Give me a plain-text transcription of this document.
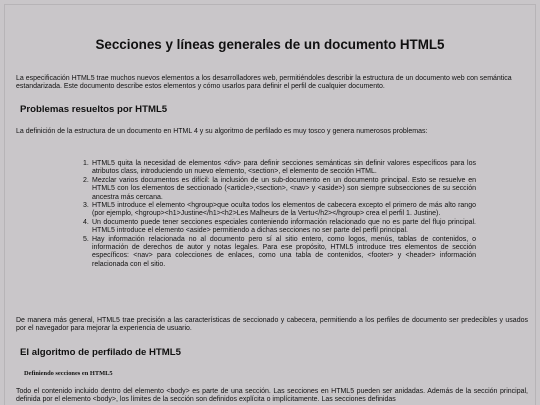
Secciones y líneas generales de un documento HTML5

La especificación HTML5 trae muchos nuevos elementos a los desarrolladores web, permitiéndoles describir la estructura de un documento web con semántica estandarizada. Este documento describe estos elementos y cómo usarlos para definir el perfil de cualquier documento.

Problemas resueltos por HTML5

La definición de la estructura de un documento en HTML 4 y su algoritmo de perfilado es muy tosco y genera numerosos problemas:

1. HTML5 quita la necesidad de elementos <div> para definir secciones semánticas sin definir valores específicos para los atributos class, introduciendo un nuevo elemento, <section>, el elemento de sección HTML.
2. Mezclar varios documentos es difícil: la inclusión de un sub-documento en un documento principal. Esto se resuelve en HTML5 con los elementos de seccionado (<article>,<section>, <nav> y <aside>) son siempre subsecciones de su sección ancestra más cercana.
3. HTML5 introduce el elemento <hgroup>que oculta todos los elementos de cabecera excepto el primero de más alto rango (por ejemplo, <hgroup><h1>Justine</h1><h2>Les Malheurs de la Vertu</h2></hgroup> crea el perfil 1. Justine).
4. Un documento puede tener secciones especiales conteniendo información relacionado que no es parte del flujo principal. HTML5 introduce el elemento <aside> permitiendo a dichas secciones no ser parte del perfil principal.
5. Hay información relacionada no al documento pero sí al sitio entero, como logos, menús, tablas de contenidos, o información de derechos de autor y notas legales. Para ese propósito, HTML5 introduce tres elementos de sección específicos: <nav> para colecciones de enlaces, como una tabla de contenidos, <footer> y <header> información relacionada con el sitio.

De manera más general, HTML5 trae precisión a las características de seccionado y cabecera, permitiendo a los perfiles de documento ser predecibles y usados por el navegador para mejorar la experiencia de usuario.

El algoritmo de perfilado de HTML5
Definiendo secciones en HTML5

Todo el contenido incluido dentro del elemento <body> es parte de una sección. Las secciones en HTML5 pueden ser anidadas. Además de la sección principal, definida por el elemento <body>, los límites de la sección son definidos explícita o implícitamente. Las secciones definidas
